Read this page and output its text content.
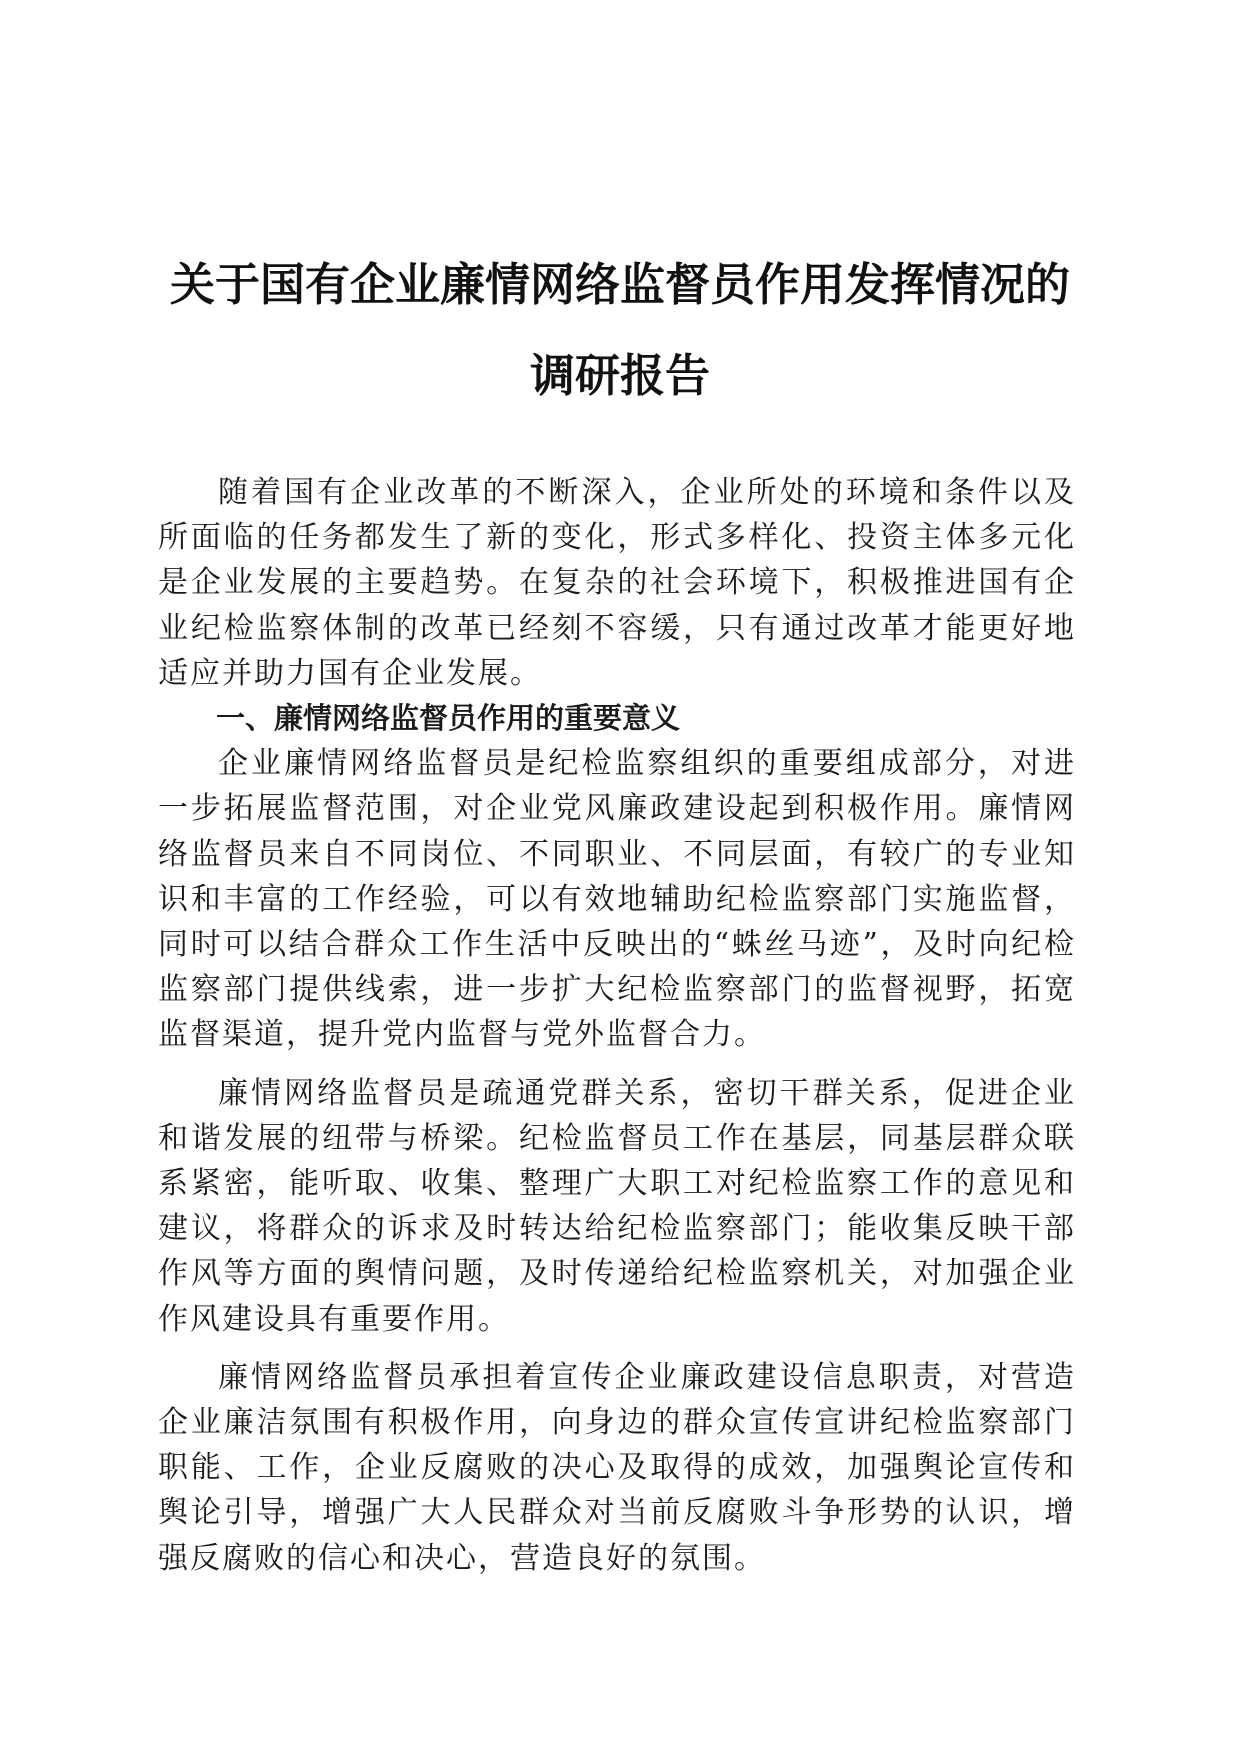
关于国有企业廉情网络监督员作用发挥情况的
调研报告

随着国有企业改革的不断深入，企业所处的环境和条件以及所面临的任务都发生了新的变化，形式多样化、投资主体多元化是企业发展的主要趋势。在复杂的社会环境下，积极推进国有企业纪检监察体制的改革已经刻不容缓，只有通过改革才能更好地适应并助力国有企业发展。

一、廉情网络监督员作用的重要意义

企业廉情网络监督员是纪检监察组织的重要组成部分，对进一步拓展监督范围，对企业党风廉政建设起到积极作用。廉情网络监督员来自不同岗位、不同职业、不同层面，有较广的专业知识和丰富的工作经验，可以有效地辅助纪检监察部门实施监督，同时可以结合群众工作生活中反映出的“蛛丝马迹”，及时向纪检监察部门提供线索，进一步扩大纪检监察部门的监督视野，拓宽监督渠道，提升党内监督与党外监督合力。

廉情网络监督员是疏通党群关系，密切干群关系，促进企业和谐发展的纽带与桥梁。纪检监督员工作在基层，同基层群众联系紧密，能听取、收集、整理广大职工对纪检监察工作的意见和建议，将群众的诉求及时转达给纪检监察部门；能收集反映干部作风等方面的舆情问题，及时传递给纪检监察机关，对加强企业作风建设具有重要作用。

廉情网络监督员承担着宣传企业廉政建设信息职责，对营造企业廉洁氛围有积极作用，向身边的群众宣传宣讲纪检监察部门职能、工作，企业反腐败的决心及取得的成效，加强舆论宣传和舆论引导，增强广大人民群众对当前反腐败斗争形势的认识，增强反腐败的信心和决心，营造良好的氛围。
